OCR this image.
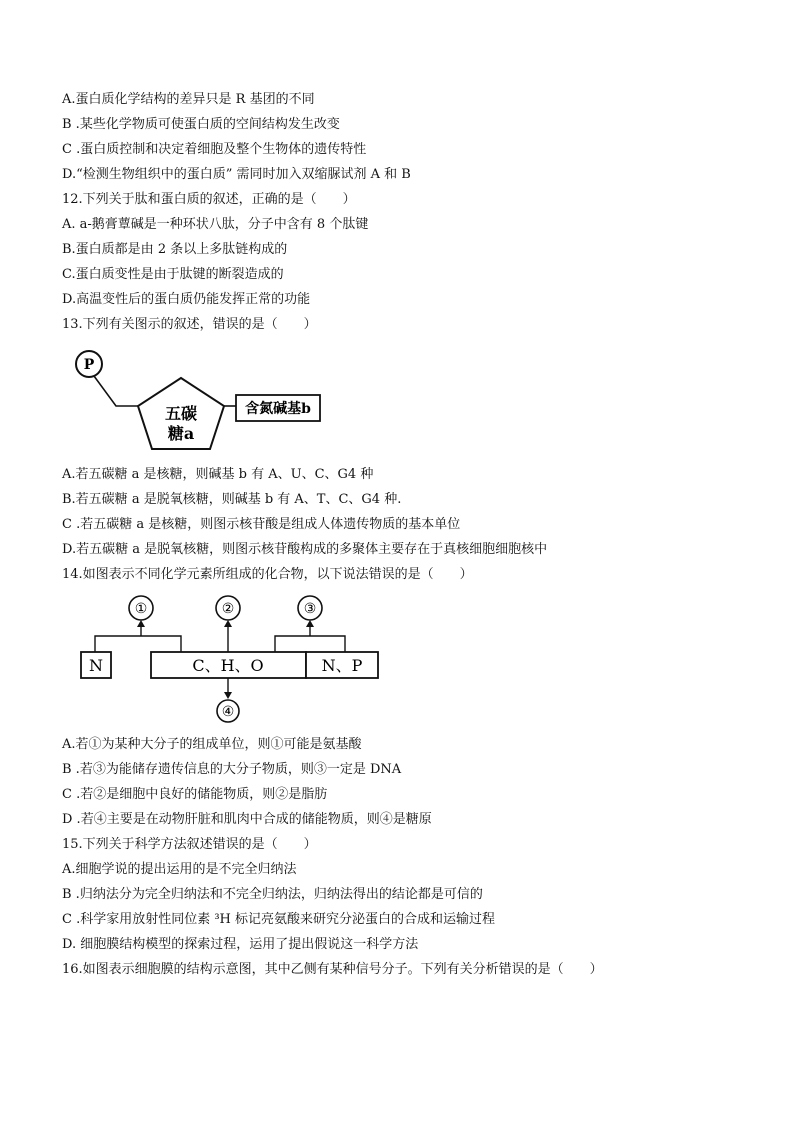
A.蛋白质化学结构的差异只是 R 基团的不同
B .某些化学物质可使蛋白质的空间结构发生改变
C .蛋白质控制和决定着细胞及整个生物体的遗传特性
D.“检测生物组织中的蛋白质” 需同时加入双缩脲试剂 A 和 B
12.下列关于肽和蛋白质的叙述，正确的是（　　）
A. a-鹅膏蕈碱是一种环状八肽，分子中含有 8 个肽键
B.蛋白质都是由 2 条以上多肽链构成的
C.蛋白质变性是由于肽键的断裂造成的
D.高温变性后的蛋白质仍能发挥正常的功能
13.下列有关图示的叙述，错误的是（　　）
P
五碳
糖a
含氮碱基b
A.若五碳糖 a 是核糖，则碱基 b 有 A、U、C、G4 种
B.若五碳糖 a 是脱氧核糖，则碱基 b 有 A、T、C、G4 种.
C .若五碳糖 a 是核糖，则图示核苷酸是组成人体遗传物质的基本单位
D.若五碳糖 a 是脱氧核糖，则图示核苷酸构成的多聚体主要存在于真核细胞细胞核中
14.如图表示不同化学元素所组成的化合物，以下说法错误的是（　　）
①	②	③
N	C、H、O	N、P
④
A.若①为某种大分子的组成单位，则①可能是氨基酸
B .若③为能储存遗传信息的大分子物质，则③一定是 DNA
C .若②是细胞中良好的储能物质，则②是脂肪
D .若④主要是在动物肝脏和肌肉中合成的储能物质，则④是糖原
15.下列关于科学方法叙述错误的是（　　）
A.细胞学说的提出运用的是不完全归纳法
B .归纳法分为完全归纳法和不完全归纳法，归纳法得出的结论都是可信的
C .科学家用放射性同位素 ³H 标记亮氨酸来研究分泌蛋白的合成和运输过程
D. 细胞膜结构模型的探索过程，运用了提出假说这一科学方法
16.如图表示细胞膜的结构示意图，其中乙侧有某种信号分子。下列有关分析错误的是（　　）
